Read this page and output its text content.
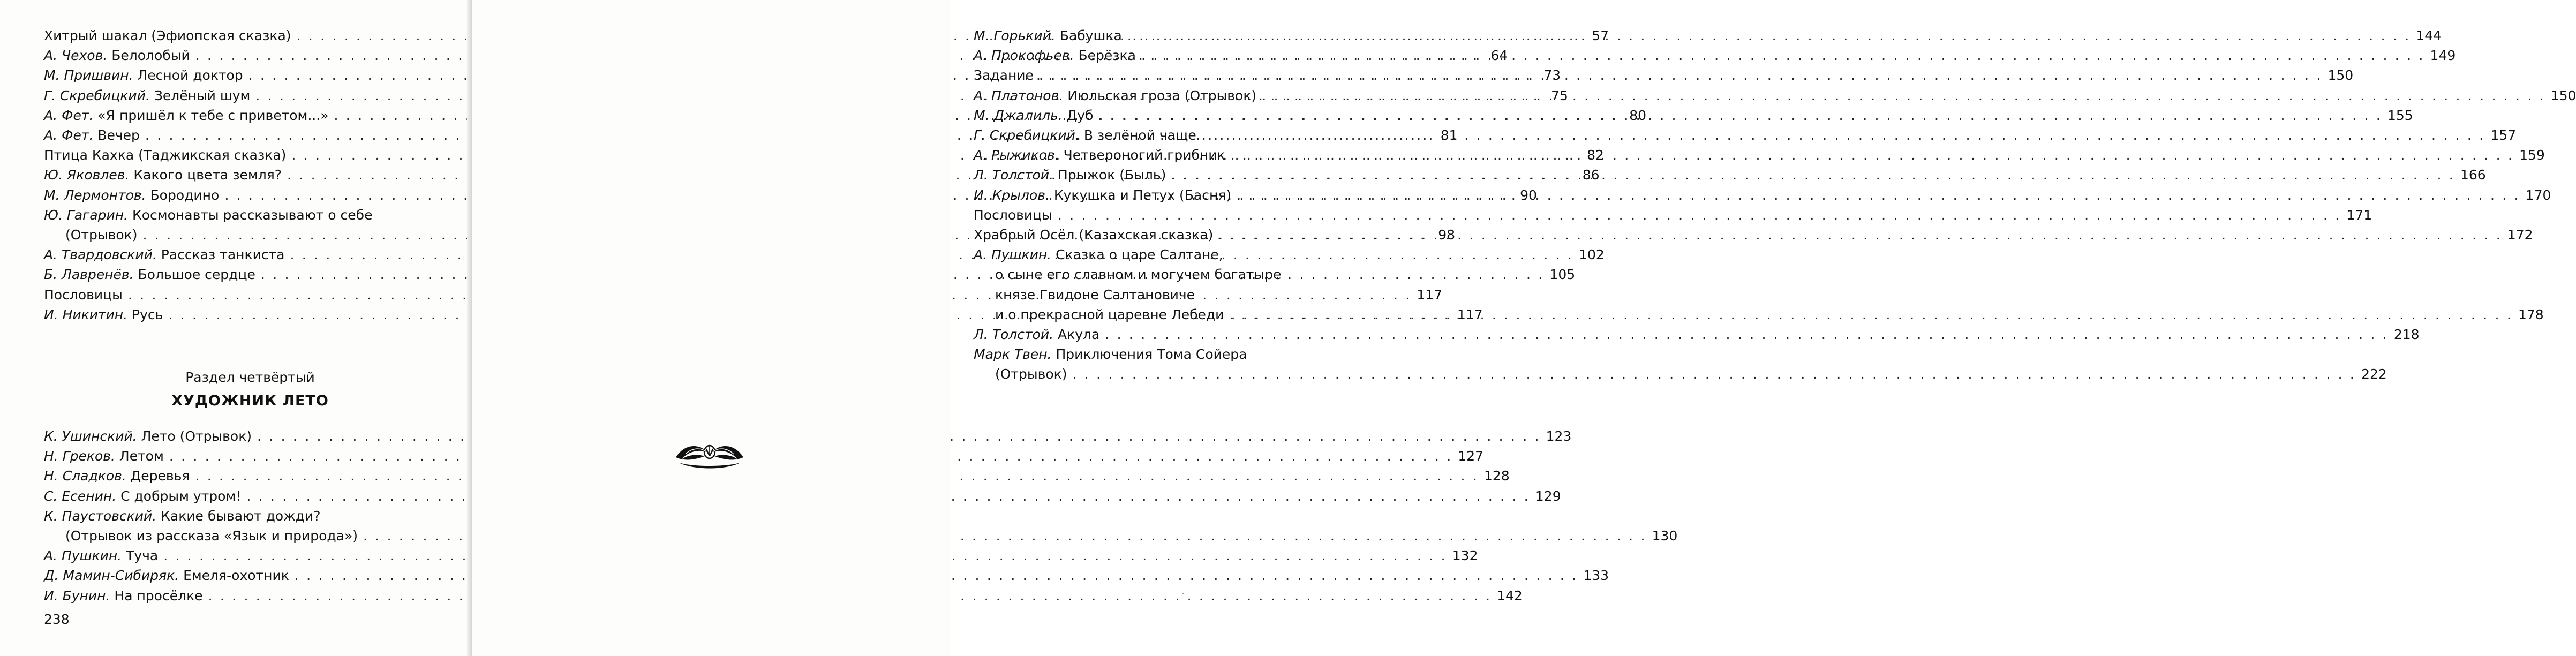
Хитрый шакал (Эфиопская сказка) . . .	57
А. Чехов. Белолобый . . .	64
М. Пришвин. Лесной доктор . . .	73
Г. Скребицкий. Зелёный шум . . .	75
А. Фет. «Я пришёл к тебе с приветом...» . . .	80
А. Фет. Вечер . . .	81
Птица Кахка (Таджикская сказка) . . .	82
Ю. Яковлев. Какого цвета земля? . . .	86
М. Лермонтов. Бородино . . .	90
Ю. Гагарин. Космонавты рассказывают о себе
(Отрывок) . . .	98
А. Твардовский. Рассказ танкиста . . .	102
Б. Лавренёв. Большое сердце . . .	105
Пословицы . . .	117
И. Никитин. Русь . . .	117
Раздел четвёртый
ХУДОЖНИК ЛЕТО
К. Ушинский. Лето (Отрывок) . . .	123
Н. Греков. Летом . . .	127
Н. Сладков. Деревья . . .	128
С. Есенин. С добрым утром! . . .	129
К. Паустовский. Какие бывают дожди?
(Отрывок из рассказа «Язык и природа») . . .	130
А. Пушкин. Туча . . .	132
Д. Мамин-Сибиряк. Емеля-охотник . . .	133
И. Бунин. На просёлке . . .	142
238
М. Горький. Бабушка . . .	144
А. Прокофьев. Берёзка . . .	149
Задание . . .	150
А. Платонов. Июльская гроза (Отрывок) . . .	150
М. Джалиль. Дуб . . .	155
Г. Скребицкий. В зелёной чаще . . .	157
А. Рыжиков. Четвероногий грибник . . .	159
Л. Толстой. Прыжок (Быль) . . .	166
И. Крылов. Кукушка и Петух (Басня) . . .	170
Пословицы . . .	171
Храбрый Осёл (Казахская сказка) . . .	172
А. Пушкин. Сказка о царе Салтане,
о сыне его славном и могучем богатыре
князе Гвидоне Салтановиче
и о прекрасной царевне Лебеди . . .	178
Л. Толстой. Акула . . .	218
Марк Твен. Приключения Тома Сойера
(Отрывок) . . .	222
